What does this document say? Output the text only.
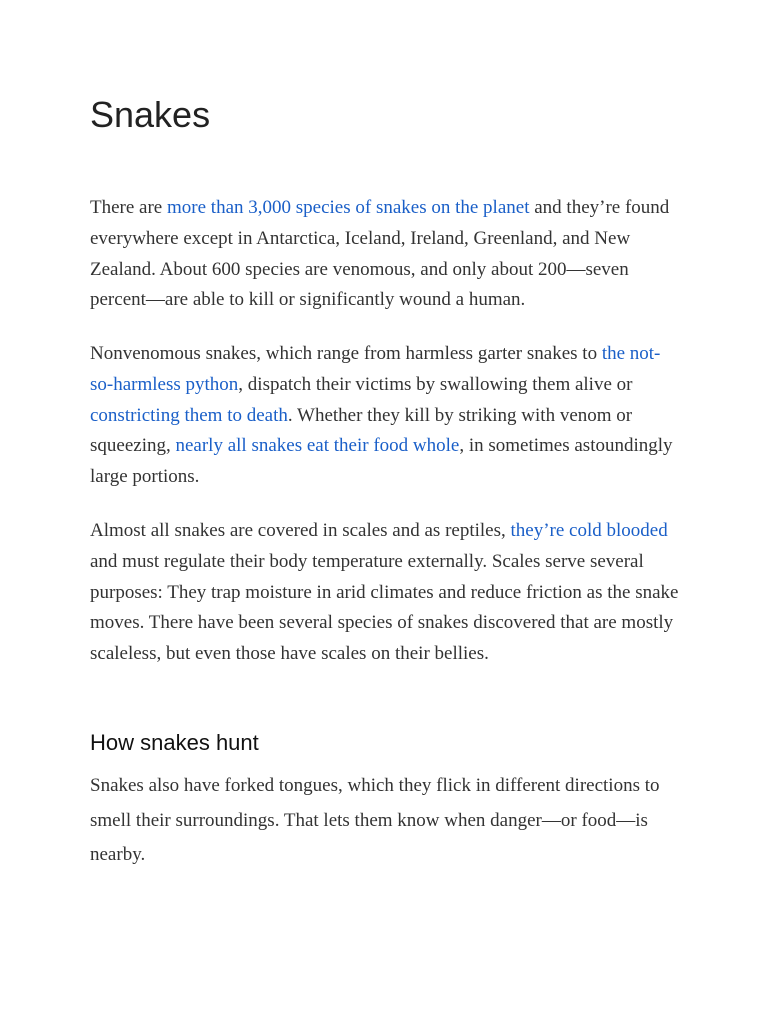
Snakes

There are more than 3,000 species of snakes on the planet and they’re found everywhere except in Antarctica, Iceland, Ireland, Greenland, and New Zealand. About 600 species are venomous, and only about 200—seven percent—are able to kill or significantly wound a human.

Nonvenomous snakes, which range from harmless garter snakes to the not-so-harmless python, dispatch their victims by swallowing them alive or constricting them to death. Whether they kill by striking with venom or squeezing, nearly all snakes eat their food whole, in sometimes astoundingly large portions.

Almost all snakes are covered in scales and as reptiles, they’re cold blooded and must regulate their body temperature externally. Scales serve several purposes: They trap moisture in arid climates and reduce friction as the snake moves. There have been several species of snakes discovered that are mostly scaleless, but even those have scales on their bellies.

How snakes hunt

Snakes also have forked tongues, which they flick in different directions to smell their surroundings. That lets them know when danger—or food—is nearby.
